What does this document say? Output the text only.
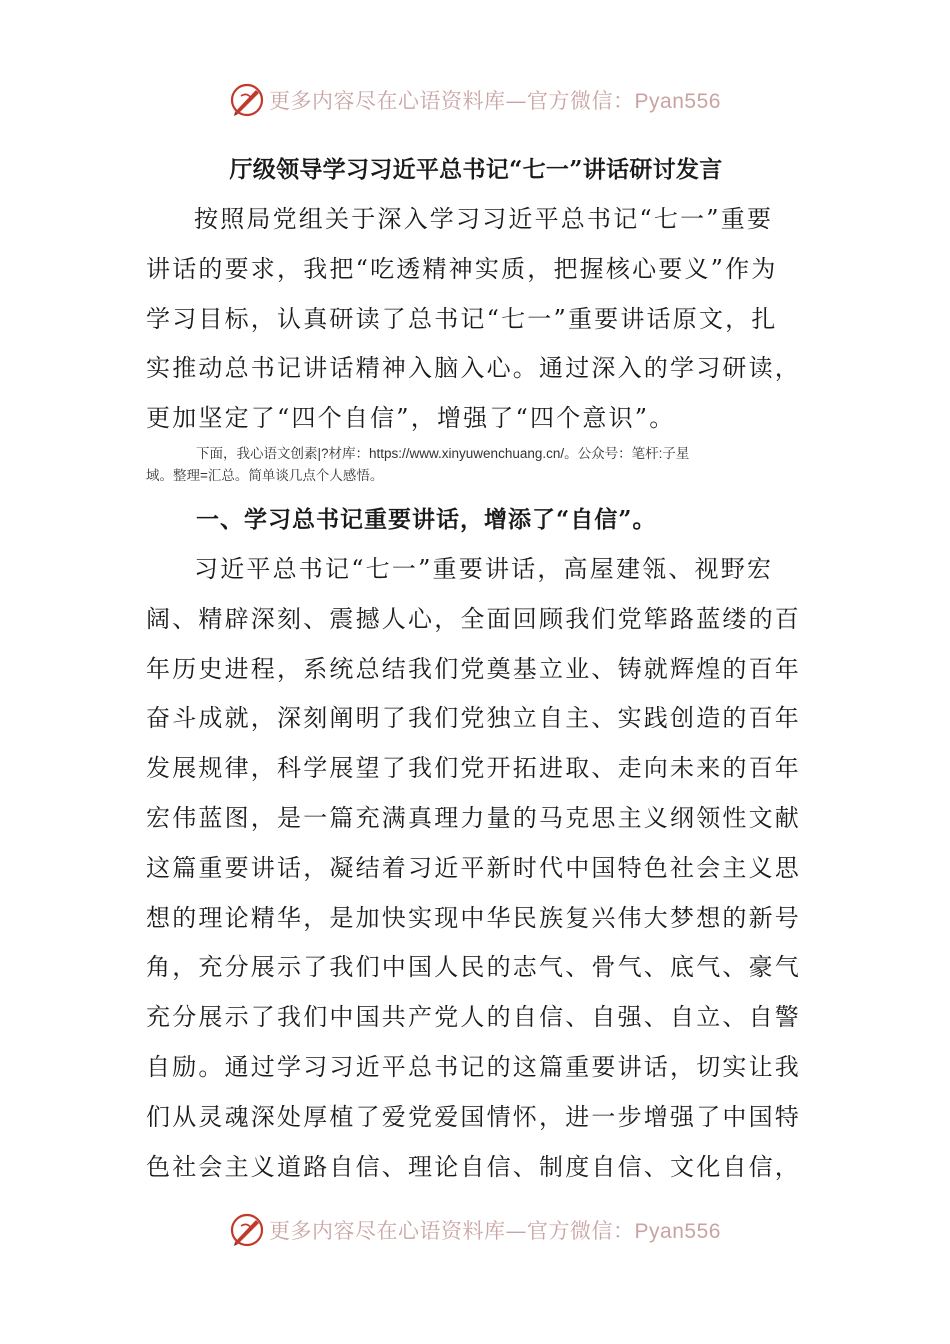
更多内容尽在心语资料库—官方微信：Pyan556
厅级领导学习习近平总书记“七一”讲话研讨发言
按照局党组关于深入学习习近平总书记“七一”重要
讲话的要求，我把“吃透精神实质，把握核心要义”作为
学习目标，认真研读了总书记“七一”重要讲话原文，扎
实推动总书记讲话精神入脑入心。通过深入的学习研读，
更加坚定了“四个自信”，增强了“四个意识”。
下面，我心语文创素|?材库：https://www.xinyuwenchuang.cn/。公众号：笔杆:子星
域。整理=汇总。简单谈几点个人感悟。
一、学习总书记重要讲话，增添了“自信”。
习近平总书记“七一”重要讲话，高屋建瓴、视野宏
阔、精辟深刻、震撼人心，全面回顾我们党筚路蓝缕的百
年历史进程，系统总结我们党奠基立业、铸就辉煌的百年
奋斗成就，深刻阐明了我们党独立自主、实践创造的百年
发展规律，科学展望了我们党开拓进取、走向未来的百年
宏伟蓝图，是一篇充满真理力量的马克思主义纲领性文献
这篇重要讲话，凝结着习近平新时代中国特色社会主义思
想的理论精华，是加快实现中华民族复兴伟大梦想的新号
角，充分展示了我们中国人民的志气、骨气、底气、豪气
充分展示了我们中国共产党人的自信、自强、自立、自警
自励。通过学习习近平总书记的这篇重要讲话，切实让我
们从灵魂深处厚植了爱党爱国情怀，进一步增强了中国特
色社会主义道路自信、理论自信、制度自信、文化自信，
更多内容尽在心语资料库—官方微信：Pyan556
